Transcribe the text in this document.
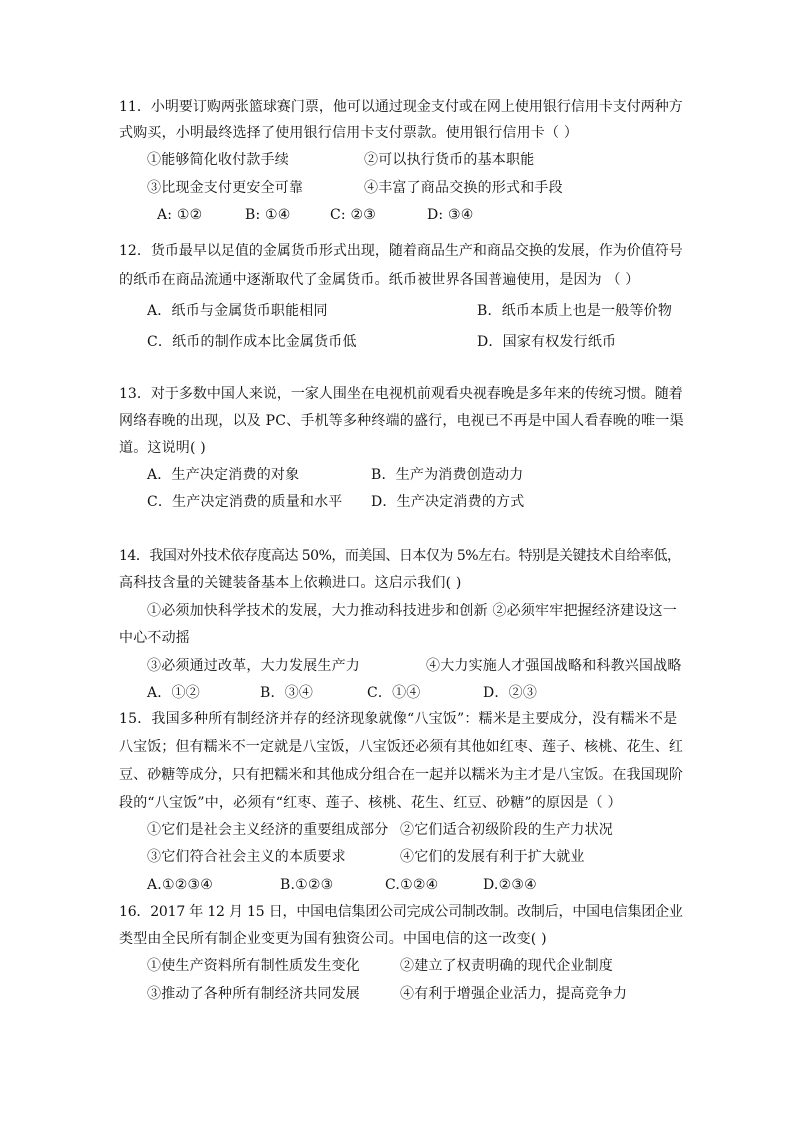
11．小明要订购两张篮球赛门票，他可以通过现金支付或在网上使用银行信用卡支付两种方
式购买，小明最终选择了使用银行信用卡支付票款。使用银行信用卡（ ）
①能够简化收付款手续	②可以执行货币的基本职能
③比现金支付更安全可靠	④丰富了商品交换的形式和手段
A: ①②	B: ①④	C: ②③	D: ③④
12．货币最早以足值的金属货币形式出现，随着商品生产和商品交换的发展，作为价值符号
的纸币在商品流通中逐渐取代了金属货币。纸币被世界各国普遍使用，是因为 （ ）
A．纸币与金属货币职能相同	B．纸币本质上也是一般等价物
C．纸币的制作成本比金属货币低	D．国家有权发行纸币
13．对于多数中国人来说，一家人围坐在电视机前观看央视春晚是多年来的传统习惯。随着
网络春晚的出现，以及 PC、手机等多种终端的盛行，电视已不再是中国人看春晚的唯一渠
道。这说明( )
A．生产决定消费的对象	B．生产为消费创造动力
C．生产决定消费的质量和水平 D．生产决定消费的方式
14．我国对外技术依存度高达 50%，而美国、日本仅为 5%左右。特别是关键技术自给率低，
高科技含量的关键装备基本上依赖进口。这启示我们( )
①必须加快科学技术的发展，大力推动科技进步和创新 ②必须牢牢把握经济建设这一
中心不动摇
③必须通过改革，大力发展生产力	④大力实施人才强国战略和科教兴国战略
A．①②	B．③④	C．①④	D．②③
15．我国多种所有制经济并存的经济现象就像“八宝饭”：糯米是主要成分，没有糯米不是
八宝饭；但有糯米不一定就是八宝饭，八宝饭还必须有其他如红枣、莲子、核桃、花生、红
豆、砂糖等成分，只有把糯米和其他成分组合在一起并以糯米为主才是八宝饭。在我国现阶
段的“八宝饭”中，必须有“红枣、莲子、核桃、花生、红豆、砂糖”的原因是（ ）
①它们是社会主义经济的重要组成部分 ②它们适合初级阶段的生产力状况
③它们符合社会主义的本质要求	④它们的发展有利于扩大就业
A.①②③④	B.①②③	C.①②④	D.②③④
16．2017 年 12 月 15 日，中国电信集团公司完成公司制改制。改制后，中国电信集团企业
类型由全民所有制企业变更为国有独资公司。中国电信的这一改变( )
①使生产资料所有制性质发生变化	②建立了权责明确的现代企业制度
③推动了各种所有制经济共同发展	④有利于增强企业活力，提高竞争力
